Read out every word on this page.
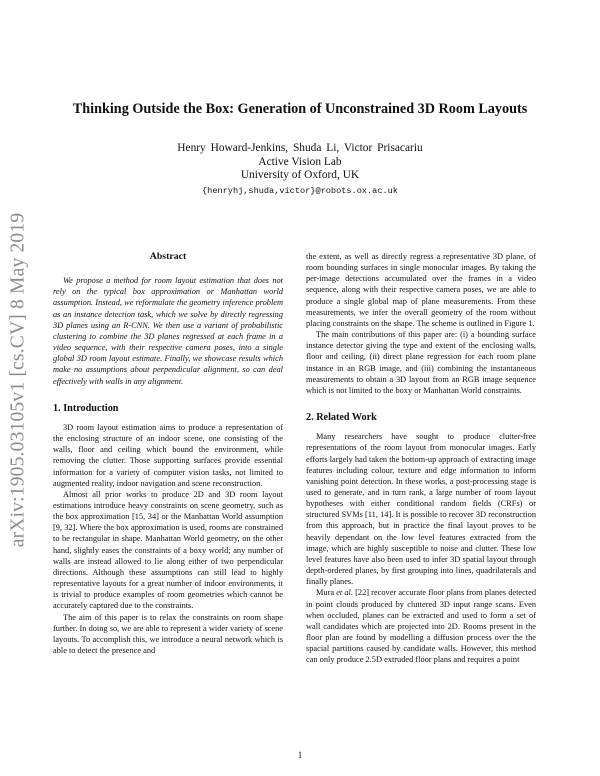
arXiv:1905.03105v1 [cs.CV] 8 May 2019
Thinking Outside the Box: Generation of Unconstrained 3D Room Layouts
Henry Howard-Jenkins, Shuda Li, Victor Prisacariu
Active Vision Lab
University of Oxford, UK
{henryhj,shuda,victor}@robots.ox.ac.uk
Abstract

We propose a method for room layout estimation that does not rely on the typical box approximation or Manhattan world assumption. Instead, we reformulate the geometry inference problem as an instance detection task, which we solve by directly regressing 3D planes using an R-CNN. We then use a variant of probabilistic clustering to combine the 3D planes regressed at each frame in a video sequence, with their respective camera poses, into a single global 3D room layout estimate. Finally, we showcase results which make no assumptions about perpendicular alignment, so can deal effectively with walls in any alignment.

1. Introduction

3D room layout estimation aims to produce a representation of the enclosing structure of an indoor scene, one consisting of the walls, floor and ceiling which bound the environment, while removing the clutter. Those supporting surfaces provide essential information for a variety of computer vision tasks, not limited to augmented reality, indoor navigation and scene reconstruction.

Almost all prior works to produce 2D and 3D room layout estimations introduce heavy constraints on scene geometry, such as the box approximation [15, 34] or the Manhattan World assumption [9, 32]. Where the box approximation is used, rooms are constrained to be rectangular in shape. Manhattan World geometry, on the other hand, slightly eases the constraints of a boxy world; any number of walls are instead allowed to lie along either of two perpendicular directions. Although these assumptions can still lead to highly representative layouts for a great number of indoor environments, it is trivial to produce examples of room geometries which cannot be accurately captured due to the constraints.

The aim of this paper is to relax the constraints on room shape further. In doing so, we are able to represent a wider variety of scene layouts. To accomplish this, we introduce a neural network which is able to detect the presence and

the extent, as well as directly regress a representative 3D plane, of room bounding surfaces in single monocular images. By taking the per-image detections accumulated over the frames in a video sequence, along with their respective camera poses, we are able to produce a single global map of plane measurements. From these measurements, we infer the overall geometry of the room without placing constraints on the shape. The scheme is outlined in Figure 1.

The main contributions of this paper are: (i) a bounding surface instance detector giving the type and extent of the enclosing walls, floor and ceiling, (ii) direct plane regression for each room plane instance in an RGB image, and (iii) combining the instantaneous measurements to obtain a 3D layout from an RGB image sequence which is not limited to the boxy or Manhattan World constraints.

2. Related Work

Many researchers have sought to produce clutter-free representations of the room layout from monocular images. Early efforts largely had taken the bottom-up approach of extracting image features including colour, texture and edge information to inform vanishing point detection. In these works, a post-processing stage is used to generate, and in turn rank, a large number of room layout hypotheses with either conditional random fields (CRFs) or structured SVMs [11, 14]. It is possible to recover 3D reconstruction from this approach, but in practice the final layout proves to be heavily dependant on the low level features extracted from the image, which are highly susceptible to noise and clutter. These low level features have also been used to infer 3D spatial layout through depth-ordered planes, by first grouping into lines, quadrilaterals and finally planes.

Mura et al. [22] recover accurate floor plans from planes detected in point clouds produced by cluttered 3D input range scans. Even when occluded, planes can be extracted and used to form a set of wall candidates which are projected into 2D. Rooms present in the floor plan are found by modelling a diffusion process over the the spacial partitions caused by candidate walls. However, this method can only produce 2.5D extruded floor plans and requires a point

1
